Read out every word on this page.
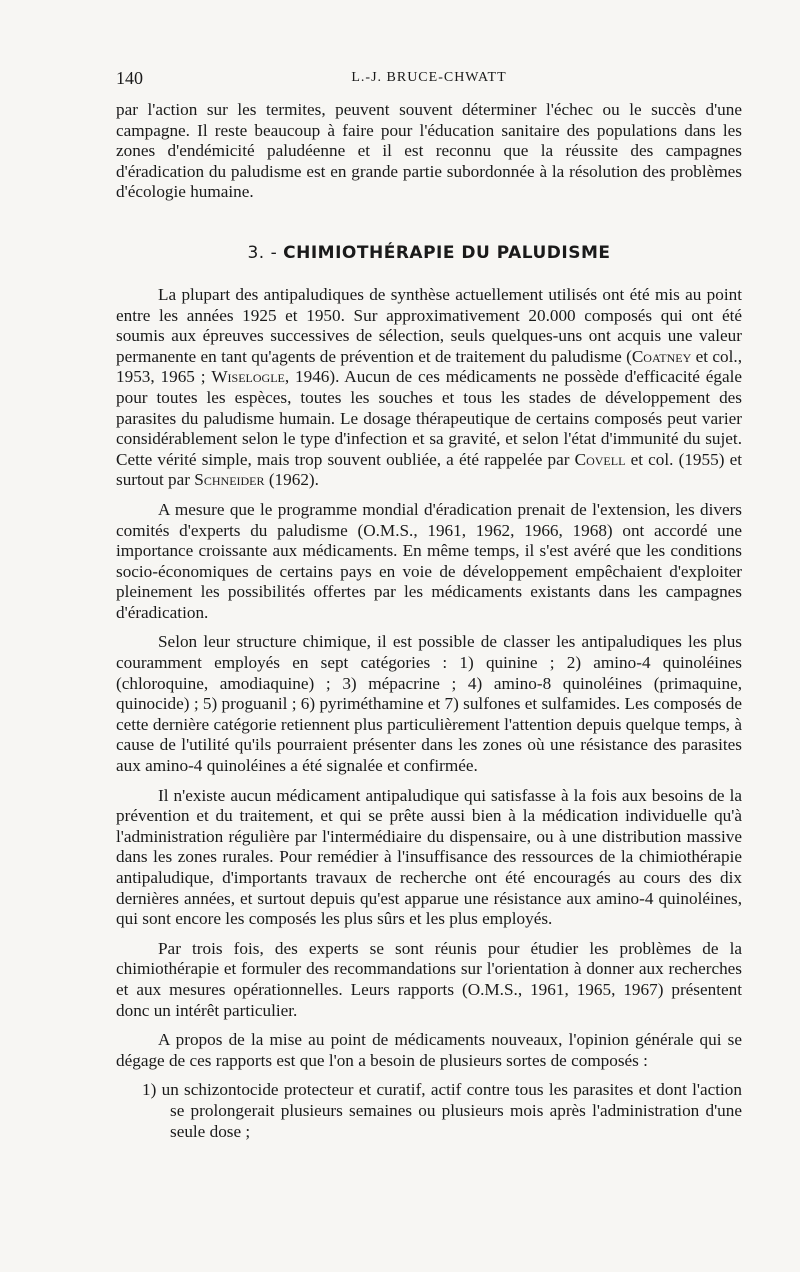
140	L.-J. BRUCE-CHWATT

par l'action sur les termites, peuvent souvent déterminer l'échec ou le succès d'une campagne. Il reste beaucoup à faire pour l'éducation sanitaire des populations dans les zones d'endémicité paludéenne et il est reconnu que la réussite des campagnes d'éradication du paludisme est en grande partie subordonnée à la résolution des problèmes d'écologie humaine.

3. - CHIMIOTHÉRAPIE DU PALUDISME

La plupart des antipaludiques de synthèse actuellement utilisés ont été mis au point entre les années 1925 et 1950. Sur approximativement 20.000 composés qui ont été soumis aux épreuves successives de sélection, seuls quelques-uns ont acquis une valeur permanente en tant qu'agents de prévention et de traitement du paludisme (Coatney et col., 1953, 1965 ; Wiselogle, 1946). Aucun de ces médicaments ne possède d'efficacité égale pour toutes les espèces, toutes les souches et tous les stades de développement des parasites du paludisme humain. Le dosage thérapeutique de certains composés peut varier considérablement selon le type d'infection et sa gravité, et selon l'état d'immunité du sujet. Cette vérité simple, mais trop souvent oubliée, a été rappelée par Covell et col. (1955) et surtout par Schneider (1962).

A mesure que le programme mondial d'éradication prenait de l'extension, les divers comités d'experts du paludisme (O.M.S., 1961, 1962, 1966, 1968) ont accordé une importance croissante aux médicaments. En même temps, il s'est avéré que les conditions socio-économiques de certains pays en voie de développement empêchaient d'exploiter pleinement les possibilités offertes par les médicaments existants dans les campagnes d'éradication.

Selon leur structure chimique, il est possible de classer les antipaludiques les plus couramment employés en sept catégories : 1) quinine ; 2) amino-4 quinoléines (chloroquine, amodiaquine) ; 3) mépacrine ; 4) amino-8 quinoléines (primaquine, quinocide) ; 5) proguanil ; 6) pyriméthamine et 7) sulfones et sulfamides. Les composés de cette dernière catégorie retiennent plus particulièrement l'attention depuis quelque temps, à cause de l'utilité qu'ils pourraient présenter dans les zones où une résistance des parasites aux amino-4 quinoléines a été signalée et confirmée.

Il n'existe aucun médicament antipaludique qui satisfasse à la fois aux besoins de la prévention et du traitement, et qui se prête aussi bien à la médication individuelle qu'à l'administration régulière par l'intermédiaire du dispensaire, ou à une distribution massive dans les zones rurales. Pour remédier à l'insuffisance des ressources de la chimiothérapie antipaludique, d'importants travaux de recherche ont été encouragés au cours des dix dernières années, et surtout depuis qu'est apparue une résistance aux amino-4 quinoléines, qui sont encore les composés les plus sûrs et les plus employés.

Par trois fois, des experts se sont réunis pour étudier les problèmes de la chimiothérapie et formuler des recommandations sur l'orientation à donner aux recherches et aux mesures opérationnelles. Leurs rapports (O.M.S., 1961, 1965, 1967) présentent donc un intérêt particulier.

A propos de la mise au point de médicaments nouveaux, l'opinion générale qui se dégage de ces rapports est que l'on a besoin de plusieurs sortes de composés :

1) un schizontocide protecteur et curatif, actif contre tous les parasites et dont l'action se prolongerait plusieurs semaines ou plusieurs mois après l'administration d'une seule dose ;
